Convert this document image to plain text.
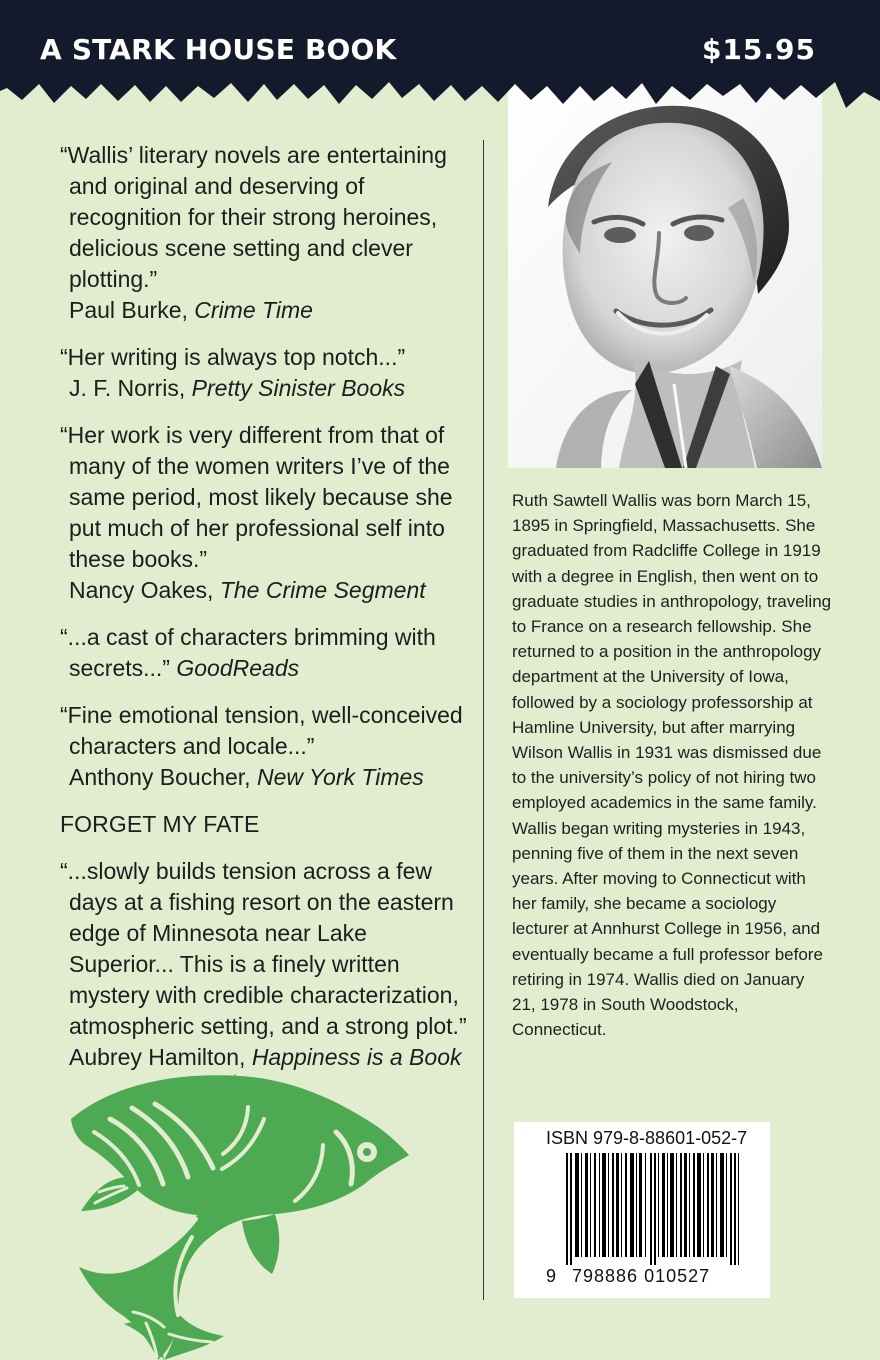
A STARK HOUSE BOOK	$15.95
“Wallis’ literary novels are entertaining and original and deserving of recognition for their strong heroines, delicious scene setting and clever plotting.”
Paul Burke, Crime Time
“Her writing is always top notch...”
J. F. Norris, Pretty Sinister Books
“Her work is very different from that of many of the women writers I’ve of the same period, most likely because she put much of her professional self into these books.”
Nancy Oakes, The Crime Segment
“...a cast of characters brimming with secrets...” GoodReads
“Fine emotional tension, well-conceived characters and locale...”
Anthony Boucher, New York Times
FORGET MY FATE
“...slowly builds tension across a few days at a fishing resort on the eastern edge of Minnesota near Lake Superior... This is a finely written mystery with credible characterization, atmospheric setting, and a strong plot.”
Aubrey Hamilton, Happiness is a Book

Ruth Sawtell Wallis was born March 15, 1895 in Springfield, Massachusetts. She graduated from Radcliffe College in 1919 with a degree in English, then went on to graduate studies in anthropology, traveling to France on a research fellowship. She returned to a position in the anthropology department at the University of Iowa, followed by a sociology professorship at Hamline University, but after marrying Wilson Wallis in 1931 was dismissed due to the university’s policy of not hiring two employed academics in the same family. Wallis began writing mysteries in 1943, penning five of them in the next seven years. After moving to Connecticut with her family, she became a sociology lecturer at Annhurst College in 1956, and eventually became a full professor before retiring in 1974. Wallis died on January 21, 1978 in South Woodstock, Connecticut.

ISBN 979-8-88601-052-7
9 798886 010527
